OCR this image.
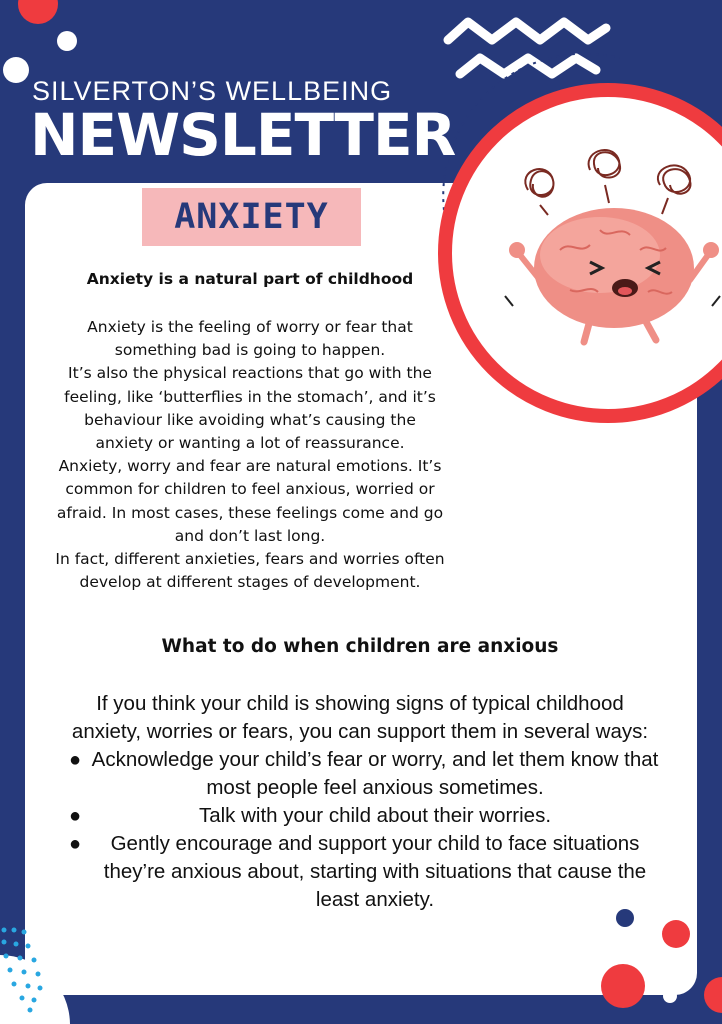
SILVERTON’S WELLBEING
NEWSLETTER
ANXIETY
Anxiety is a natural part of childhood

Anxiety is the feeling of worry or fear that something bad is going to happen.

It’s also the physical reactions that go with the feeling, like ‘butterflies in the stomach’, and it’s behaviour like avoiding what’s causing the anxiety or wanting a lot of reassurance.

Anxiety, worry and fear are natural emotions. It’s common for children to feel anxious, worried or afraid. In most cases, these feelings come and go and don’t last long.

In fact, different anxieties, fears and worries often develop at different stages of development.

What to do when children are anxious

If you think your child is showing signs of typical childhood anxiety, worries or fears, you can support them in several ways:

● Acknowledge your child’s fear or worry, and let them know that most people feel anxious sometimes.
●	Talk with your child about their worries.
● Gently encourage and support your child to face situations they’re anxious about, starting with situations that cause the least anxiety.
